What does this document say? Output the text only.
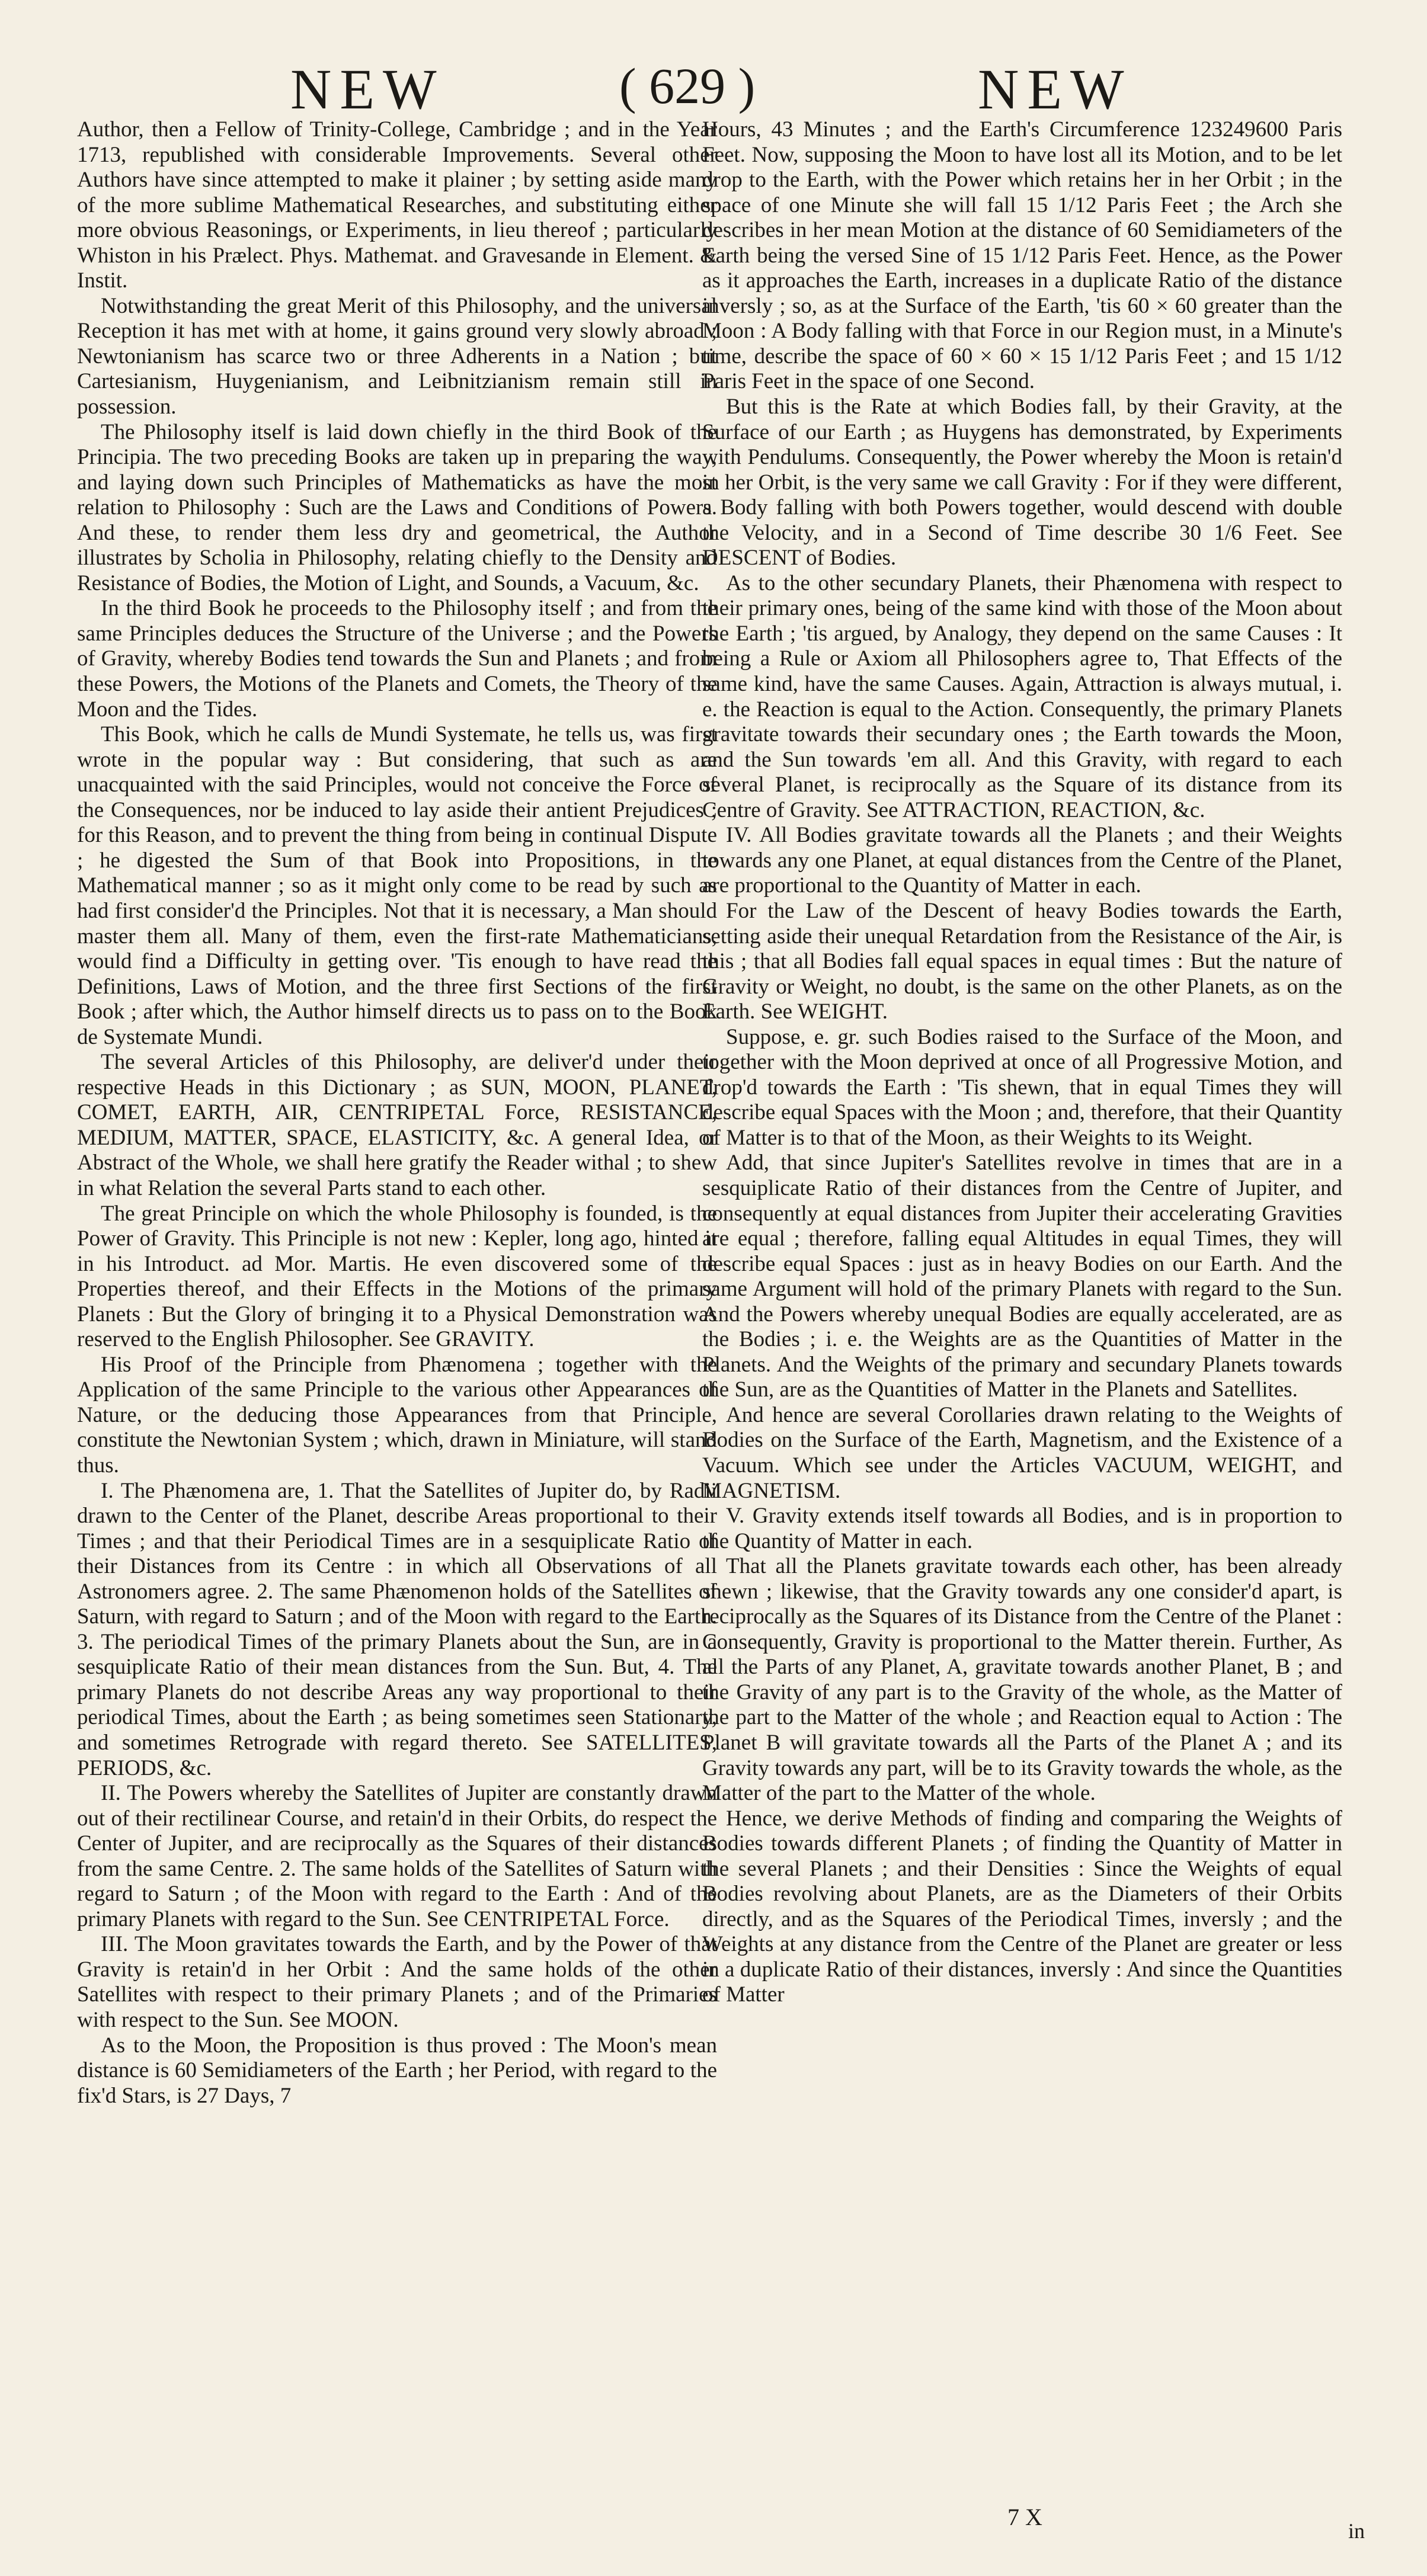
NEW	( 629 )	NEW

Author, then a Fellow of Trinity-College, Cambridge ; and in the Year 1713, republished with considerable Improvements. Several other Authors have since attempted to make it plainer ; by setting aside many of the more sublime Mathematical Researches, and substituting either more obvious Reasonings, or Experiments, in lieu thereof ; particularly Whiston in his Prælect. Phys. Mathemat. and Gravesande in Element. & Instit.

Notwithstanding the great Merit of this Philosophy, and the universal Reception it has met with at home, it gains ground very slowly abroad ; Newtonianism has scarce two or three Adherents in a Nation ; but Cartesianism, Huygenianism, and Leibnitzianism remain still in possession.

The Philosophy itself is laid down chiefly in the third Book of the Principia. The two preceding Books are taken up in preparing the way, and laying down such Principles of Mathematicks as have the most relation to Philosophy : Such are the Laws and Conditions of Powers. And these, to render them less dry and geometrical, the Author illustrates by Scholia in Philosophy, relating chiefly to the Density and Resistance of Bodies, the Motion of Light, and Sounds, a Vacuum, &c.

In the third Book he proceeds to the Philosophy itself ; and from the same Principles deduces the Structure of the Universe ; and the Powers of Gravity, whereby Bodies tend towards the Sun and Planets ; and from these Powers, the Motions of the Planets and Comets, the Theory of the Moon and the Tides.

This Book, which he calls de Mundi Systemate, he tells us, was first wrote in the popular way : But considering, that such as are unacquainted with the said Principles, would not conceive the Force of the Consequences, nor be induced to lay aside their antient Prejudices ; for this Reason, and to prevent the thing from being in continual Dispute ; he digested the Sum of that Book into Propositions, in the Mathematical manner ; so as it might only come to be read by such as had first consider'd the Principles. Not that it is necessary, a Man should master them all. Many of them, even the first-rate Mathematicians, would find a Difficulty in getting over. 'Tis enough to have read the Definitions, Laws of Motion, and the three first Sections of the first Book ; after which, the Author himself directs us to pass on to the Book de Systemate Mundi.

The several Articles of this Philosophy, are deliver'd under their respective Heads in this Dictionary ; as SUN, MOON, PLANET, COMET, EARTH, AIR, CENTRIPETAL Force, RESISTANCE, MEDIUM, MATTER, SPACE, ELASTICITY, &c. A general Idea, or Abstract of the Whole, we shall here gratify the Reader withal ; to shew in what Relation the several Parts stand to each other.

The great Principle on which the whole Philosophy is founded, is the Power of Gravity. This Principle is not new : Kepler, long ago, hinted it in his Introduct. ad Mor. Martis. He even discovered some of the Properties thereof, and their Effects in the Motions of the primary Planets : But the Glory of bringing it to a Physical Demonstration was reserved to the English Philosopher. See GRAVITY.

His Proof of the Principle from Phænomena ; together with the Application of the same Principle to the various other Appearances of Nature, or the deducing those Appearances from that Principle, constitute the Newtonian System ; which, drawn in Miniature, will stand thus.

I. The Phænomena are, 1. That the Satellites of Jupiter do, by Radii drawn to the Center of the Planet, describe Areas proportional to their Times ; and that their Periodical Times are in a sesquiplicate Ratio of their Distances from its Centre : in which all Observations of all Astronomers agree. 2. The same Phænomenon holds of the Satellites of Saturn, with regard to Saturn ; and of the Moon with regard to the Earth. 3. The periodical Times of the primary Planets about the Sun, are in a sesquiplicate Ratio of their mean distances from the Sun. But, 4. The primary Planets do not describe Areas any way proportional to their periodical Times, about the Earth ; as being sometimes seen Stationary, and sometimes Retrograde with regard thereto. See SATELLITES, PERIODS, &c.

II. The Powers whereby the Satellites of Jupiter are constantly drawn out of their rectilinear Course, and retain'd in their Orbits, do respect the Center of Jupiter, and are reciprocally as the Squares of their distances from the same Centre. 2. The same holds of the Satellites of Saturn with regard to Saturn ; of the Moon with regard to the Earth : And of the primary Planets with regard to the Sun. See CENTRIPETAL Force.

III. The Moon gravitates towards the Earth, and by the Power of that Gravity is retain'd in her Orbit : And the same holds of the other Satellites with respect to their primary Planets ; and of the Primaries with respect to the Sun. See MOON.

As to the Moon, the Proposition is thus proved : The Moon's mean distance is 60 Semidiameters of the Earth ; her Period, with regard to the fix'd Stars, is 27 Days, 7

Hours, 43 Minutes ; and the Earth's Circumference 123249600 Paris Feet. Now, supposing the Moon to have lost all its Motion, and to be let drop to the Earth, with the Power which retains her in her Orbit ; in the space of one Minute she will fall 15 1/12 Paris Feet ; the Arch she describes in her mean Motion at the distance of 60 Semidiameters of the Earth being the versed Sine of 15 1/12 Paris Feet. Hence, as the Power as it approaches the Earth, increases in a duplicate Ratio of the distance inversly ; so, as at the Surface of the Earth, 'tis 60 × 60 greater than the Moon : A Body falling with that Force in our Region must, in a Minute's time, describe the space of 60 × 60 × 15 1/12 Paris Feet ; and 15 1/12 Paris Feet in the space of one Second.

But this is the Rate at which Bodies fall, by their Gravity, at the Surface of our Earth ; as Huygens has demonstrated, by Experiments with Pendulums. Consequently, the Power whereby the Moon is retain'd in her Orbit, is the very same we call Gravity : For if they were different, a Body falling with both Powers together, would descend with double the Velocity, and in a Second of Time describe 30 1/6 Feet. See DESCENT of Bodies.

As to the other secundary Planets, their Phænomena with respect to their primary ones, being of the same kind with those of the Moon about the Earth ; 'tis argued, by Analogy, they depend on the same Causes : It being a Rule or Axiom all Philosophers agree to, That Effects of the same kind, have the same Causes. Again, Attraction is always mutual, i. e. the Reaction is equal to the Action. Consequently, the primary Planets gravitate towards their secundary ones ; the Earth towards the Moon, and the Sun towards 'em all. And this Gravity, with regard to each several Planet, is reciprocally as the Square of its distance from its Centre of Gravity. See ATTRACTION, REACTION, &c.

IV. All Bodies gravitate towards all the Planets ; and their Weights towards any one Planet, at equal distances from the Centre of the Planet, are proportional to the Quantity of Matter in each.

For the Law of the Descent of heavy Bodies towards the Earth, setting aside their unequal Retardation from the Resistance of the Air, is this ; that all Bodies fall equal spaces in equal times : But the nature of Gravity or Weight, no doubt, is the same on the other Planets, as on the Earth. See WEIGHT.

Suppose, e. gr. such Bodies raised to the Surface of the Moon, and together with the Moon deprived at once of all Progressive Motion, and drop'd towards the Earth : 'Tis shewn, that in equal Times they will describe equal Spaces with the Moon ; and, therefore, that their Quantity of Matter is to that of the Moon, as their Weights to its Weight.

Add, that since Jupiter's Satellites revolve in times that are in a sesquiplicate Ratio of their distances from the Centre of Jupiter, and consequently at equal distances from Jupiter their accelerating Gravities are equal ; therefore, falling equal Altitudes in equal Times, they will describe equal Spaces : just as in heavy Bodies on our Earth. And the same Argument will hold of the primary Planets with regard to the Sun. And the Powers whereby unequal Bodies are equally accelerated, are as the Bodies ; i. e. the Weights are as the Quantities of Matter in the Planets. And the Weights of the primary and secundary Planets towards the Sun, are as the Quantities of Matter in the Planets and Satellites.

And hence are several Corollaries drawn relating to the Weights of Bodies on the Surface of the Earth, Magnetism, and the Existence of a Vacuum. Which see under the Articles VACUUM, WEIGHT, and MAGNETISM.

V. Gravity extends itself towards all Bodies, and is in proportion to the Quantity of Matter in each.

That all the Planets gravitate towards each other, has been already shewn ; likewise, that the Gravity towards any one consider'd apart, is reciprocally as the Squares of its Distance from the Centre of the Planet : Consequently, Gravity is proportional to the Matter therein. Further, As all the Parts of any Planet, A, gravitate towards another Planet, B ; and the Gravity of any part is to the Gravity of the whole, as the Matter of the part to the Matter of the whole ; and Reaction equal to Action : The Planet B will gravitate towards all the Parts of the Planet A ; and its Gravity towards any part, will be to its Gravity towards the whole, as the Matter of the part to the Matter of the whole.

Hence, we derive Methods of finding and comparing the Weights of Bodies towards different Planets ; of finding the Quantity of Matter in the several Planets ; and their Densities : Since the Weights of equal Bodies revolving about Planets, are as the Diameters of their Orbits directly, and as the Squares of the Periodical Times, inversly ; and the Weights at any distance from the Centre of the Planet are greater or less in a duplicate Ratio of their distances, inversly : And since the Quantities of Matter

7 X
in
